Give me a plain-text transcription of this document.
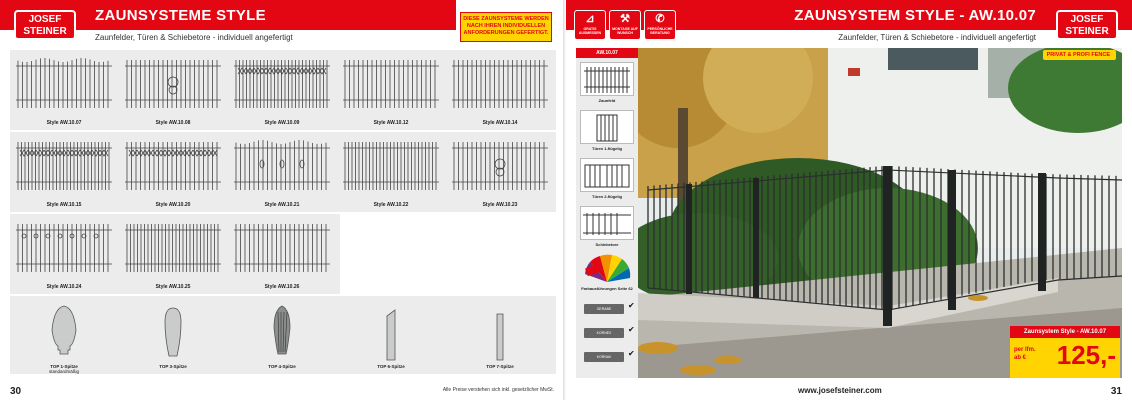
JOSEF STEINER
ZAUNSYSTEME STYLE
Zaunfelder, Türen & Schiebetore - individuell angefertigt
DIESE ZAUNSYSTEME WERDEN NACH IHREN INDIVIDUELLEN ANFORDERUNGEN GEFERTIGT.
Style AW.10.07	Style AW.10.08	Style AW.10.09	Style AW.10.12	Style AW.10.14
Style AW.10.15	Style AW.10.20	Style AW.10.21	Style AW.10.22	Style AW.10.23
Style AW.10.24	Style AW.10.25	Style AW.10.26
TOP 1-Spitze
standardmäßig
TOP 3-Spitze	TOP 4-Spitze	TOP 6-Spitze	TOP 7-Spitze
30	Alle Preise verstehen sich inkl. gesetzlicher MwSt.
⊿
GRATIS AUSMESSEN
⚒
MONTAGE AUF WUNSCH
✆
PERSÖNLICHE BERATUNG
ZAUNSYSTEM STYLE - AW.10.07
Zaunfelder, Türen & Schiebetore - individuell angefertigt
JOSEF STEINER
AW.10.07
Zaunfeld
Türen 1-flügelig
Türen 2-flügelig
Schiebetore
Farbausführungen Seite 62
GERABE	✔
KORNEX	✔
KORNAV	✔
PRIVAT & PROFI FENCE
Zaunsystem Style - AW.10.07
per lfm.
ab €	125,-
www.josefsteiner.com	31
